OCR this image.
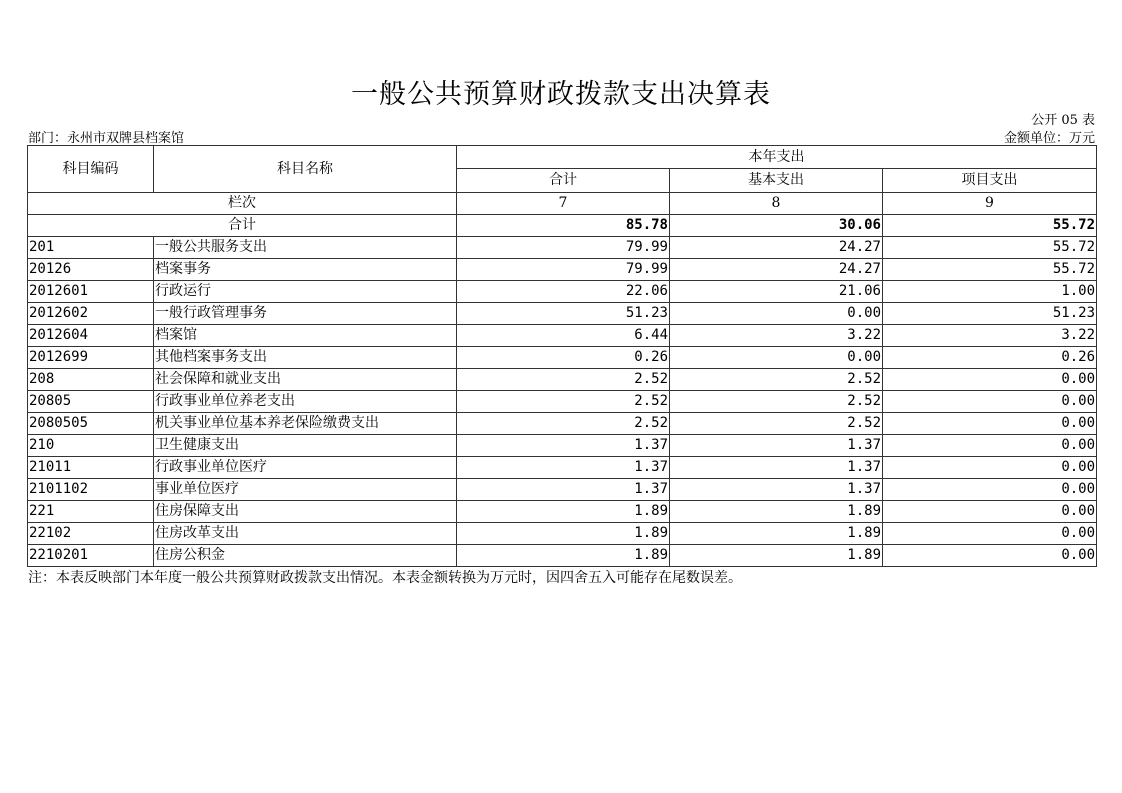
一般公共预算财政拨款支出决算表
公开 05 表
部门：永州市双牌县档案馆	金额单位：万元
科目编码	科目名称	本年支出		
		合计	基本支出	项目支出
栏次		7	8	9
合计		85.78	30.06	55.72
201	一般公共服务支出	79.99	24.27	55.72
20126	档案事务	79.99	24.27	55.72
2012601	行政运行	22.06	21.06	1.00
2012602	一般行政管理事务	51.23	0.00	51.23
2012604	档案馆	6.44	3.22	3.22
2012699	其他档案事务支出	0.26	0.00	0.26
208	社会保障和就业支出	2.52	2.52	0.00
20805	行政事业单位养老支出	2.52	2.52	0.00
2080505	机关事业单位基本养老保险缴费支出	2.52	2.52	0.00
210	卫生健康支出	1.37	1.37	0.00
21011	行政事业单位医疗	1.37	1.37	0.00
2101102	事业单位医疗	1.37	1.37	0.00
221	住房保障支出	1.89	1.89	0.00
22102	住房改革支出	1.89	1.89	0.00
2210201	住房公积金	1.89	1.89	0.00
注：本表反映部门本年度一般公共预算财政拨款支出情况。本表金额转换为万元时，因四舍五入可能存在尾数误差。
